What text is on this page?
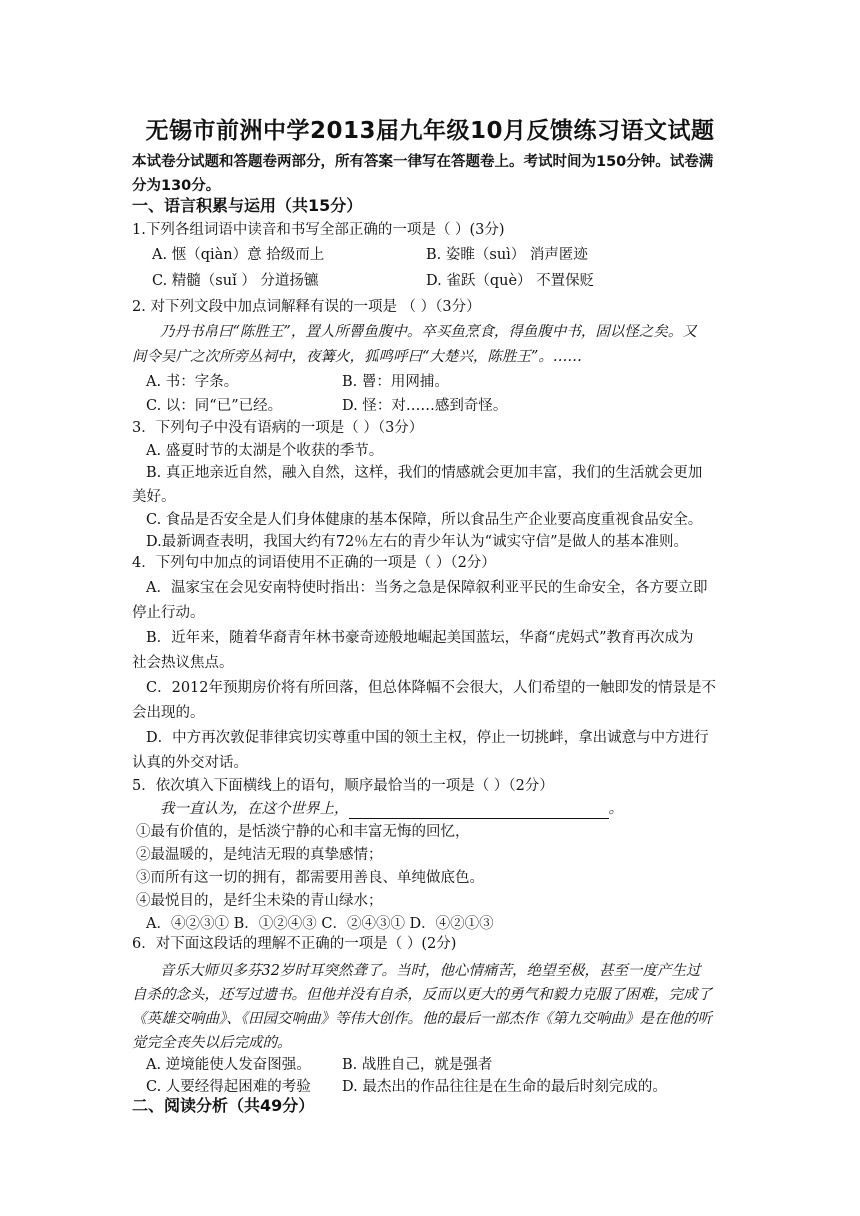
无锡市前洲中学2013届九年级10月反馈练习语文试题
本试卷分试题和答题卷两部分，所有答案一律写在答题卷上。考试时间为150分钟。试卷满
分为130分。
一、语言积累与运用（共15分）
1.下列各组词语中读音和书写全部正确的一项是（ ）(3分)
A. 惬（qiàn）意 拾级而上	B. 姿睢（suì） 消声匿迹
C. 精髓（suǐ ） 分道扬镳	D. 雀跃（què） 不置保贬
2. 对下列文段中加点词解释有误的一项是 （ ）（3分）
乃丹书帛曰“陈胜王”，置人所罾鱼腹中。卒买鱼烹食，得鱼腹中书，固以怪之矣。又
间令吴广之次所旁丛祠中，夜篝火，狐鸣呼曰“大楚兴，陈胜王”。……
A. 书：字条。	B. 罾：用网捕。
C. 以：同“已”已经。	D. 怪：对……感到奇怪。
3．下列句子中没有语病的一项是（ ）（3分）
A. 盛夏时节的太湖是个收获的季节。
B. 真正地亲近自然，融入自然，这样，我们的情感就会更加丰富，我们的生活就会更加
美好。
C. 食品是否安全是人们身体健康的基本保障，所以食品生产企业要高度重视食品安全。
D.最新调查表明，我国大约有72％左右的青少年认为“诚实守信”是做人的基本准则。
4．下列句中加点的词语使用不正确的一项是（ ）（2分）
A．温家宝在会见安南特使时指出：当务之急是保障叙利亚平民的生命安全，各方要立即
停止行动。
B．近年来，随着华裔青年林书豪奇迹般地崛起美国蓝坛，华裔“虎妈式”教育再次成为
社会热议焦点。
C．2012年预期房价将有所回落，但总体降幅不会很大，人们希望的一触即发的情景是不
会出现的。
D．中方再次敦促菲律宾切实尊重中国的领土主权，停止一切挑衅，拿出诚意与中方进行
认真的外交对话。
5．依次填入下面横线上的语句，顺序最恰当的一项是（ ）（2分）
我一直认为，在这个世界上，	。
①最有价值的，是恬淡宁静的心和丰富无悔的回忆，
②最温暖的，是纯洁无瑕的真挚感情；
③而所有这一切的拥有，都需要用善良、单纯做底色。
④最悦目的，是纤尘未染的青山绿水；
A．④②③① B．①②④③ C．②④③① D．④②①③
6．对下面这段话的理解不正确的一项是（ ）(2分)
音乐大师贝多芬32岁时耳突然聋了。当时，他心情痛苦，绝望至极，甚至一度产生过
自杀的念头，还写过遗书。但他并没有自杀，反而以更大的勇气和毅力克服了困难，完成了
《英雄交响曲》、《田园交响曲》等伟大创作。他的最后一部杰作《第九交响曲》是在他的听
觉完全丧失以后完成的。
A. 逆境能使人发奋图强。 B. 战胜自己，就是强者
C. 人要经得起困难的考验 D. 最杰出的作品往往是在生命的最后时刻完成的。
二、阅读分析（共49分）
